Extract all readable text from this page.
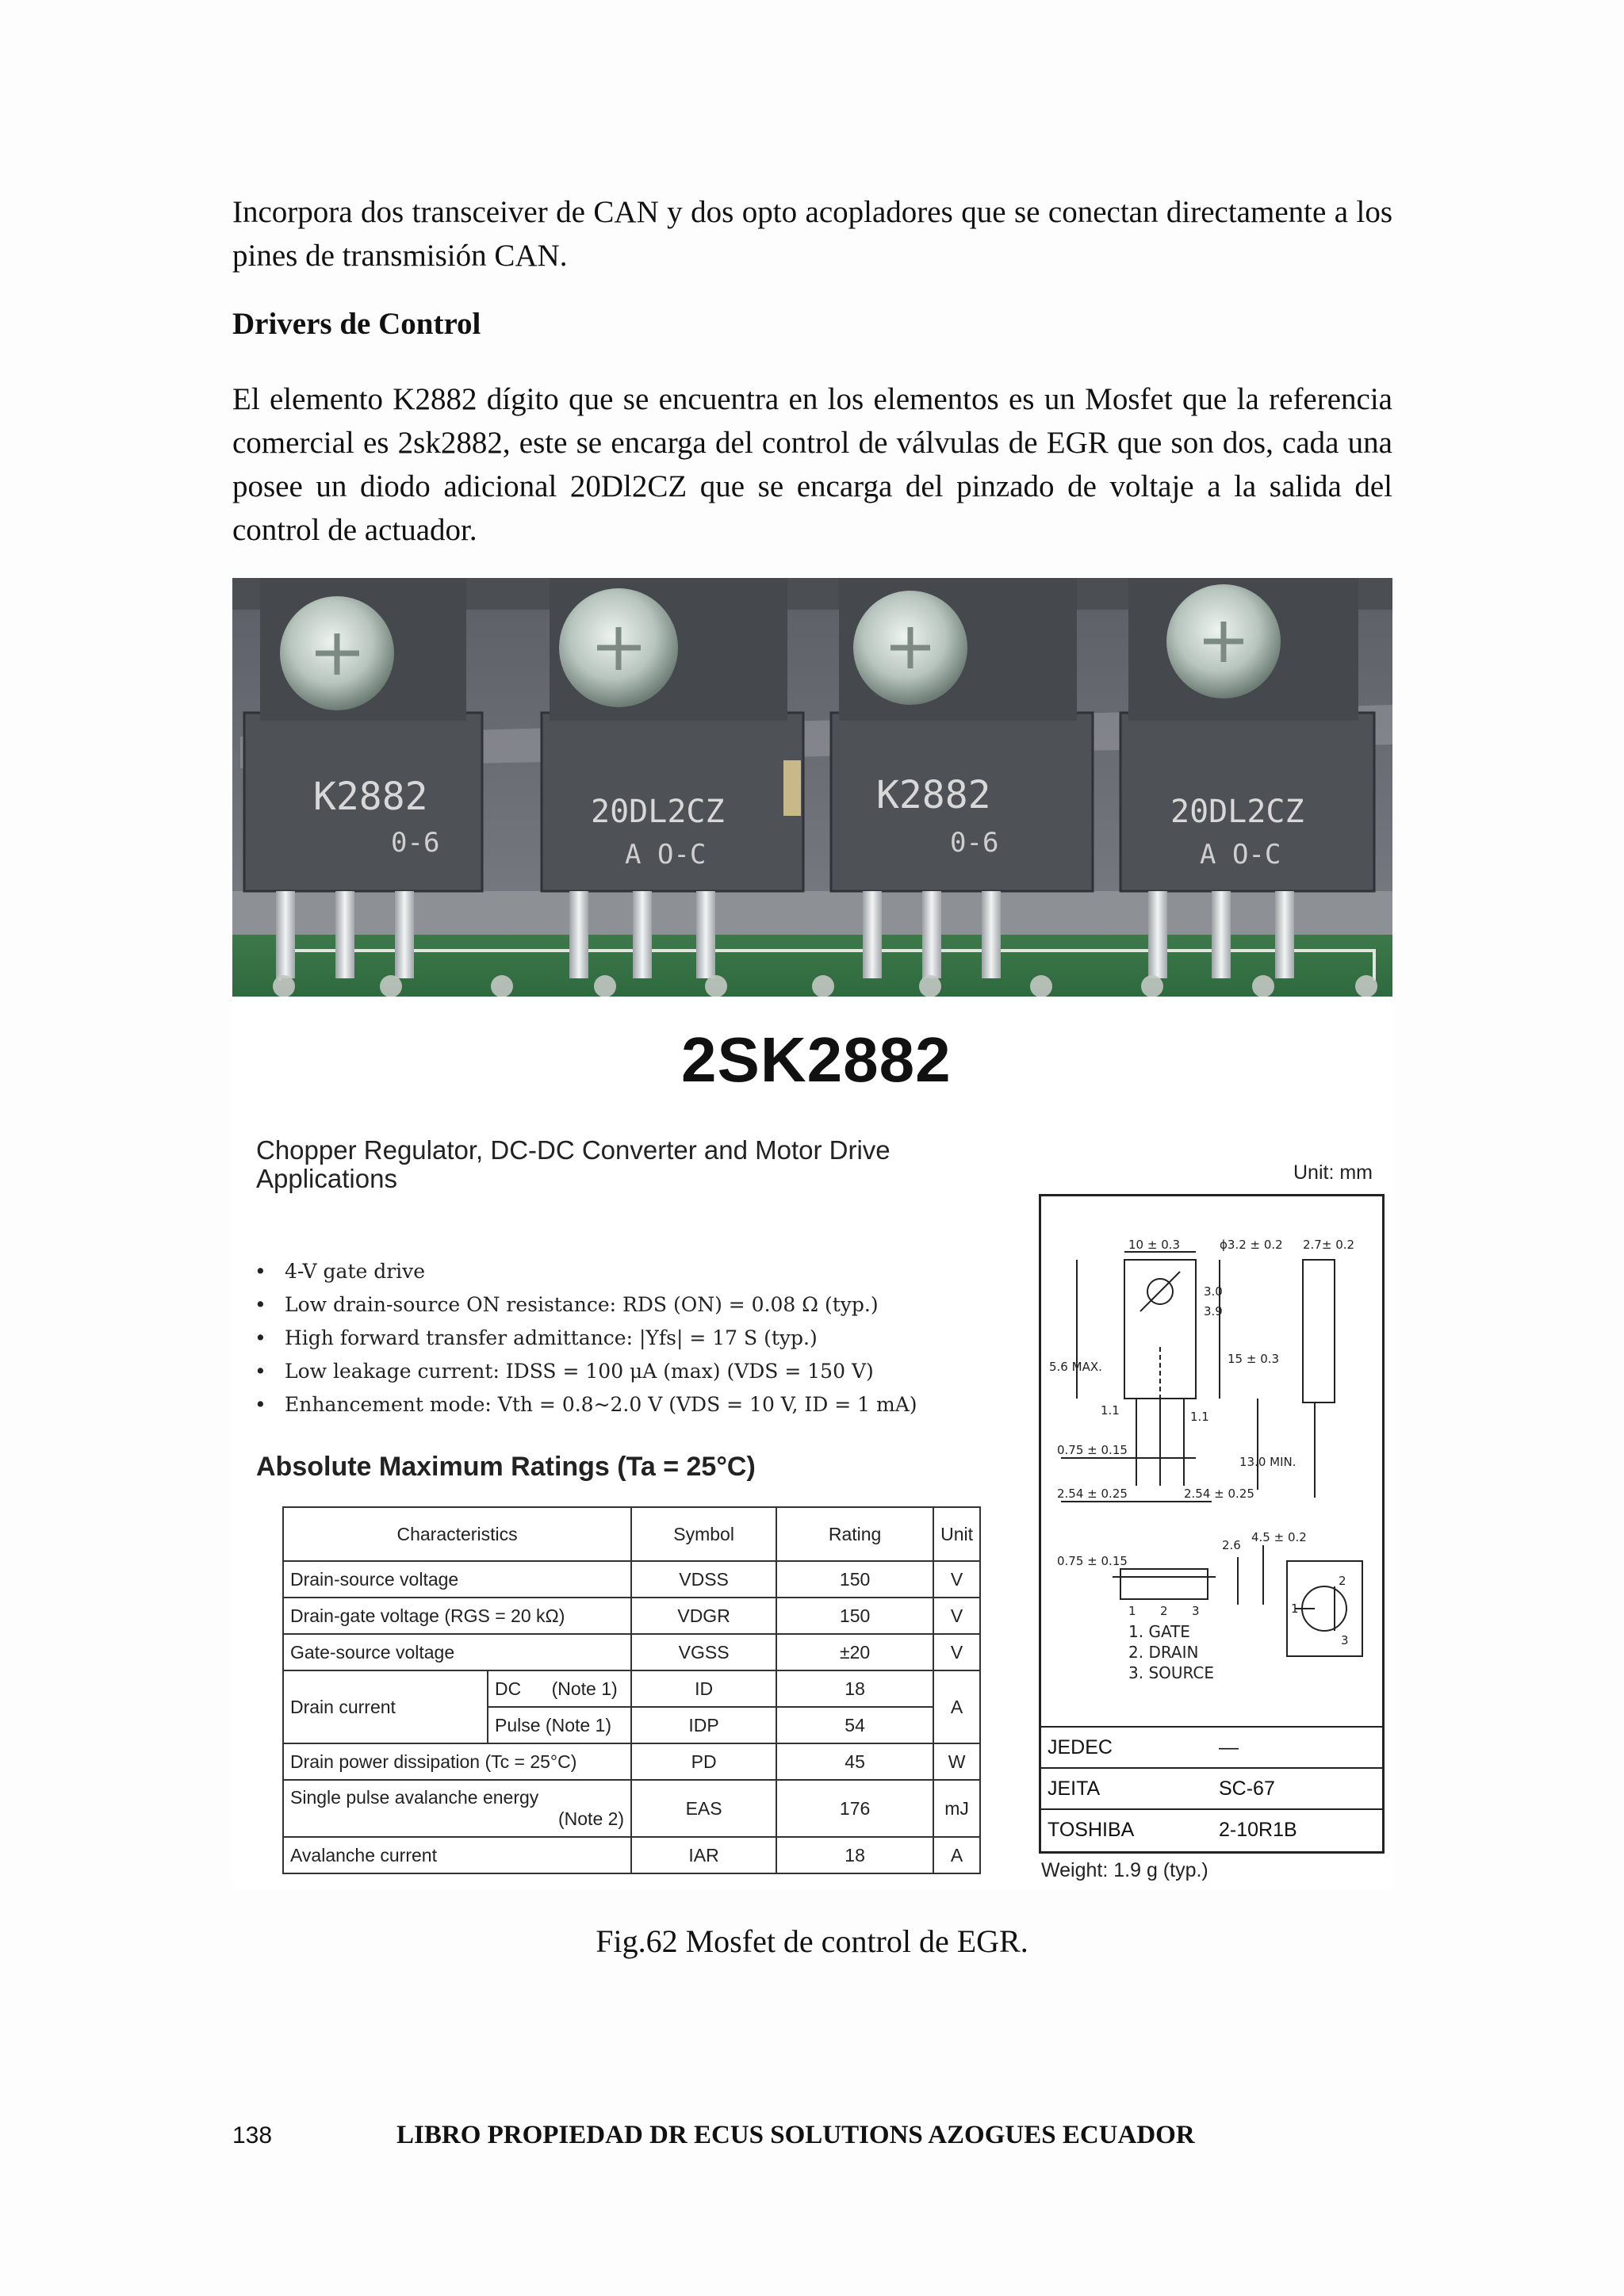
Incorpora dos transceiver de CAN y dos opto acopladores que se conectan directamente a los pines de transmisión CAN.

Drivers de Control

El elemento K2882 dígito que se encuentra en los elementos es un Mosfet que la referencia comercial es 2sk2882, este se encarga del control de válvulas de EGR que son dos, cada una posee un diodo adicional 20Dl2CZ que se encarga del pinzado de voltaje a la salida del control de actuador.

K2882
0-6
20DL2CZ
A O-C
K2882
0-6
20DL2CZ
A O-C
2SK2882
Chopper Regulator, DC-DC Converter and Motor Drive Applications	Unit: mm
• 4-V gate drive
• Low drain-source ON resistance: RDS (ON) = 0.08 Ω (typ.)
• High forward transfer admittance: |Yfs| = 17 S (typ.)
• Low leakage current: IDSS = 100 μA (max) (VDS = 150 V)
• Enhancement mode: Vth = 0.8~2.0 V (VDS = 10 V, ID = 1 mA)
Absolute Maximum Ratings (Ta = 25°C)
Characteristics		Symbol	Rating	Unit
Drain-source voltage		VDSS	150	V
Drain-gate voltage (RGS = 20 kΩ)		VDGR	150	V
Gate-source voltage		VGSS	±20	V
Drain current	DC (Note 1)	ID	18	A
	Pulse (Note 1)	IDP	54	
Drain power dissipation (Tc = 25°C)		PD	45	W

Single pulse avalanche energy
(Note 2)		EAS	176	mJ
Avalanche current		IAR	18	A
10 ± 0.3	ϕ3.2 ± 0.2 2.7± 0.2
3.0
3.9
15 ± 0.3
5.6 MAX.
1.1	1.1
13.0 MIN.
0.75 ± 0.15
2.54 ± 0.25	2.54 ± 0.25
2.6
0.75 ± 0.15
4.5 ± 0.2
1 2 3
1. GATE
2. DRAIN
3. SOURCE
1
2
3
JEDEC	—
JEITA	SC-67
TOSHIBA	2-10R1B
Weight: 1.9 g (typ.)
Fig.62 Mosfet de control de EGR.
138	LIBRO PROPIEDAD DR ECUS SOLUTIONS AZOGUES ECUADOR
